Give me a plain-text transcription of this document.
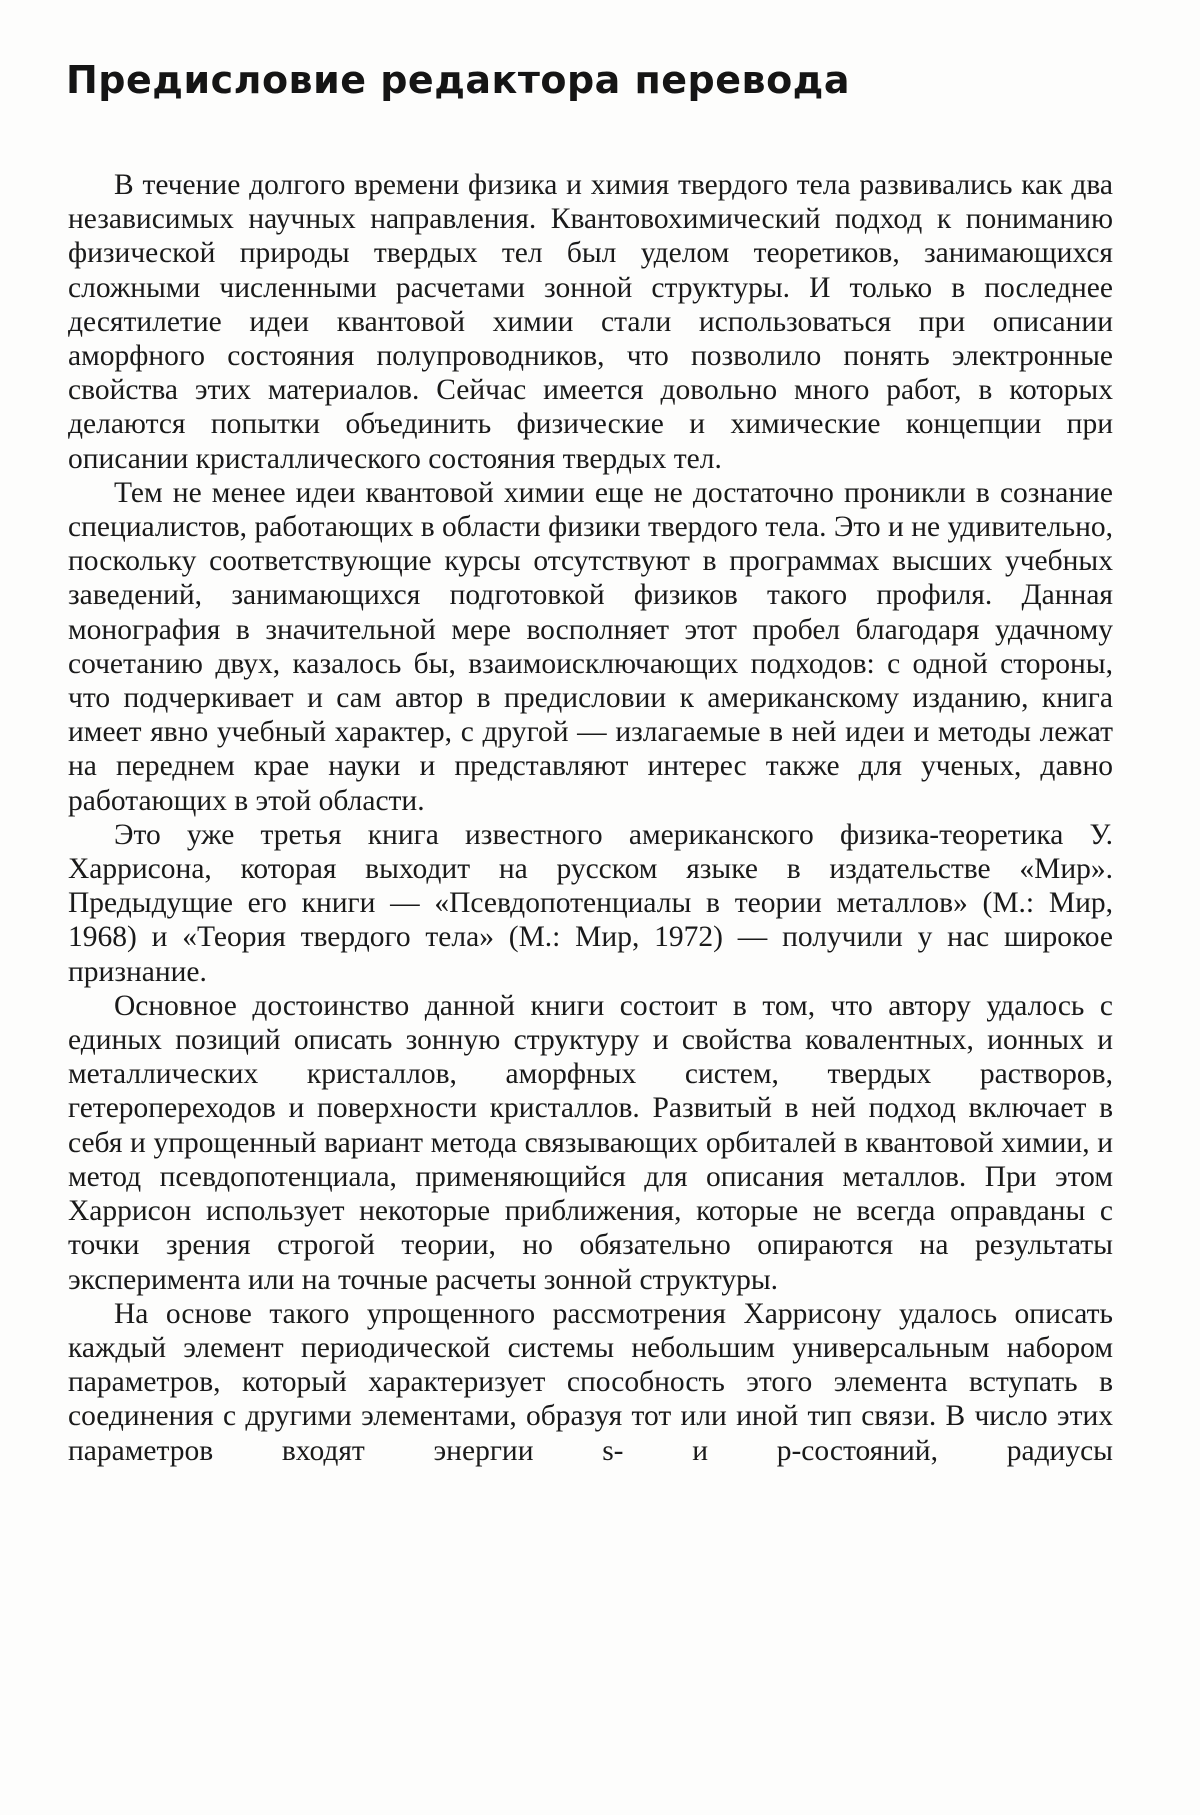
Предисловие редактора перевода

В течение долгого времени физика и химия твердого тела развивались как два независимых научных направления. Квантовохимический подход к пониманию физической природы твердых тел был уделом теоретиков, занимающихся сложными численными расчетами зонной структуры. И только в последнее десятилетие идеи квантовой химии стали использоваться при описании аморфного состояния полупроводников, что позволило понять электронные свойства этих материалов. Сейчас имеется довольно много работ, в которых делаются попытки объединить физические и химические концепции при описании кристаллического состояния твердых тел.

Тем не менее идеи квантовой химии еще не достаточно проникли в сознание специалистов, работающих в области физики твердого тела. Это и не удивительно, поскольку соответствующие курсы отсутствуют в программах высших учебных заведений, занимающихся подготовкой физиков такого профиля. Данная монография в значительной мере восполняет этот пробел благодаря удачному сочетанию двух, казалось бы, взаимоисключающих подходов: с одной стороны, что подчеркивает и сам автор в предисловии к американскому изданию, книга имеет явно учебный характер, с другой — излагаемые в ней идеи и методы лежат на переднем крае науки и представляют интерес также для ученых, давно работающих в этой области.

Это уже третья книга известного американского физика-теоретика У. Харрисона, которая выходит на русском языке в издательстве «Мир». Предыдущие его книги — «Псевдопотенциалы в теории металлов» (М.: Мир, 1968) и «Теория твердого тела» (М.: Мир, 1972) — получили у нас широкое признание.

Основное достоинство данной книги состоит в том, что автору удалось с единых позиций описать зонную структуру и свойства ковалентных, ионных и металлических кристаллов, аморфных систем, твердых растворов, гетеропереходов и поверхности кристаллов. Развитый в ней подход включает в себя и упрощенный вариант метода связывающих орбиталей в квантовой химии, и метод псевдопотенциала, применяющийся для описания металлов. При этом Харрисон использует некоторые приближения, которые не всегда оправданы с точки зрения строгой теории, но обязательно опираются на результаты эксперимента или на точные расчеты зонной структуры.

На основе такого упрощенного рассмотрения Харрисону удалось описать каждый элемент периодической системы небольшим универсальным набором параметров, который характеризует способность этого элемента вступать в соединения с другими элементами, образуя тот или иной тип связи. В число этих параметров входят энергии s- и p-состояний, радиусы
